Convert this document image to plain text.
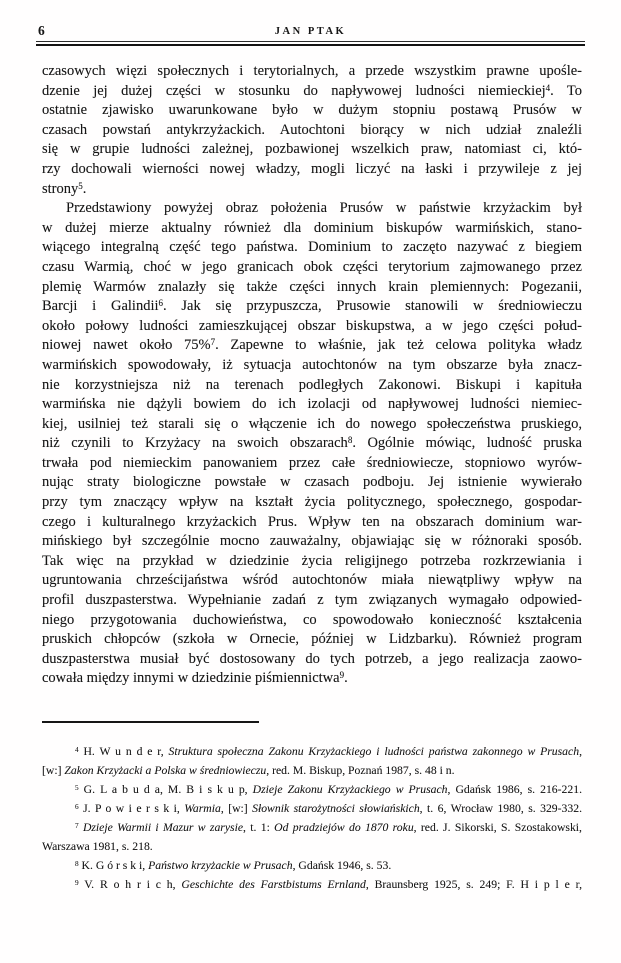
6	JAN PTAK
czasowych więzi społecznych i terytorialnych, a przede wszystkim prawne upośle-
dzenie jej dużej części w stosunku do napływowej ludności niemieckiej$^4$. To
ostatnie zjawisko uwarunkowane było w dużym stopniu postawą Prusów w
czasach powstań antykrzyżackich. Autochtoni biorący w nich udział znaleźli
się w grupie ludności zależnej, pozbawionej wszelkich praw, natomiast ci, któ-
rzy dochowali wierności nowej władzy, mogli liczyć na łaski i przywileje z jej
strony$^5$.
Przedstawiony powyżej obraz położenia Prusów w państwie krzyżackim był
w dużej mierze aktualny również dla dominium biskupów warmińskich, stano-
wiącego integralną część tego państwa. Dominium to zaczęto nazywać z biegiem
czasu Warmią, choć w jego granicach obok części terytorium zajmowanego przez
plemię Warmów znalazły się także części innych krain plemiennych: Pogezanii,
Barcji i Galindii$^6$. Jak się przypuszcza, Prusowie stanowili w średniowieczu
około połowy ludności zamieszkującej obszar biskupstwa, a w jego części połud-
niowej nawet około 75%$^7$. Zapewne to właśnie, jak też celowa polityka władz
warmińskich spowodowały, iż sytuacja autochtonów na tym obszarze była znacz-
nie korzystniejsza niż na terenach podległych Zakonowi. Biskupi i kapituła
warmińska nie dążyli bowiem do ich izolacji od napływowej ludności niemiec-
kiej, usilniej też starali się o włączenie ich do nowego społeczeństwa pruskiego,
niż czynili to Krzyżacy na swoich obszarach$^8$. Ogólnie mówiąc, ludność pruska
trwała pod niemieckim panowaniem przez całe średniowiecze, stopniowo wyrów-
nując straty biologiczne powstałe w czasach podboju. Jej istnienie wywierało
przy tym znaczący wpływ na kształt życia politycznego, społecznego, gospodar-
czego i kulturalnego krzyżackich Prus. Wpływ ten na obszarach dominium war-
mińskiego był szczególnie mocno zauważalny, objawiając się w różnoraki sposób.
Tak więc na przykład w dziedzinie życia religijnego potrzeba rozkrzewiania i
ugruntowania chrześcijaństwa wśród autochtonów miała niewątpliwy wpływ na
profil duszpasterstwa. Wypełnianie zadań z tym związanych wymagało odpowied-
niego przygotowania duchowieństwa, co spowodowało konieczność kształcenia
pruskich chłopców (szkoła w Ornecie, później w Lidzbarku). Również program
duszpasterstwa musiał być dostosowany do tych potrzeb, a jego realizacja zaowo-
cowała między innymi w dziedzinie piśmiennictwa$^9$.
$^4$ H. W u n d e r, Struktura społeczna Zakonu Krzyżackiego i ludności państwa zakonnego w Prusach,
[w:] Zakon Krzyżacki a Polska w średniowieczu, red. M. Biskup, Poznań 1987, s. 48 i n.
$^5$ G. L a b u d a, M. B i s k u p, Dzieje Zakonu Krzyżackiego w Prusach, Gdańsk 1986, s. 216-221.
$^6$ J. P o w i e r s k i, Warmia, [w:] Słownik starożytności słowiańskich, t. 6, Wrocław 1980, s. 329-332.
$^7$ Dzieje Warmii i Mazur w zarysie, t. 1: Od pradziejów do 1870 roku, red. J. Sikorski, S. Szostakowski,
Warszawa 1981, s. 218.
$^8$ K. G ó r s k i, Państwo krzyżackie w Prusach, Gdańsk 1946, s. 53.
$^9$ V. R o h r i c h, Geschichte des Farstbistums Ernland, Braunsberg 1925, s. 249; F. H i p l e r,
